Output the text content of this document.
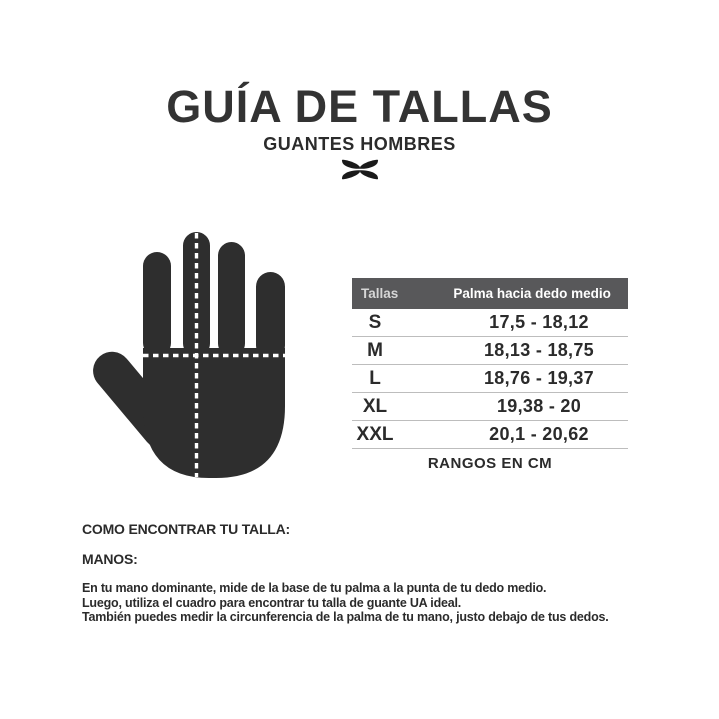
GUÍA DE TALLAS
GUANTES HOMBRES
Tallas	Palma hacia dedo medio
S	17,5 - 18,12
M	18,13 - 18,75
L	18,76 - 19,37
XL	19,38 - 20
XXL	20,1 - 20,62
RANGOS EN CM
COMO ENCONTRAR TU TALLA:
MANOS:
En tu mano dominante, mide de la base de tu palma a la punta de tu dedo medio.
Luego, utiliza el cuadro para encontrar tu talla de guante UA ideal.
También puedes medir la circunferencia de la palma de tu mano, justo debajo de tus dedos.
